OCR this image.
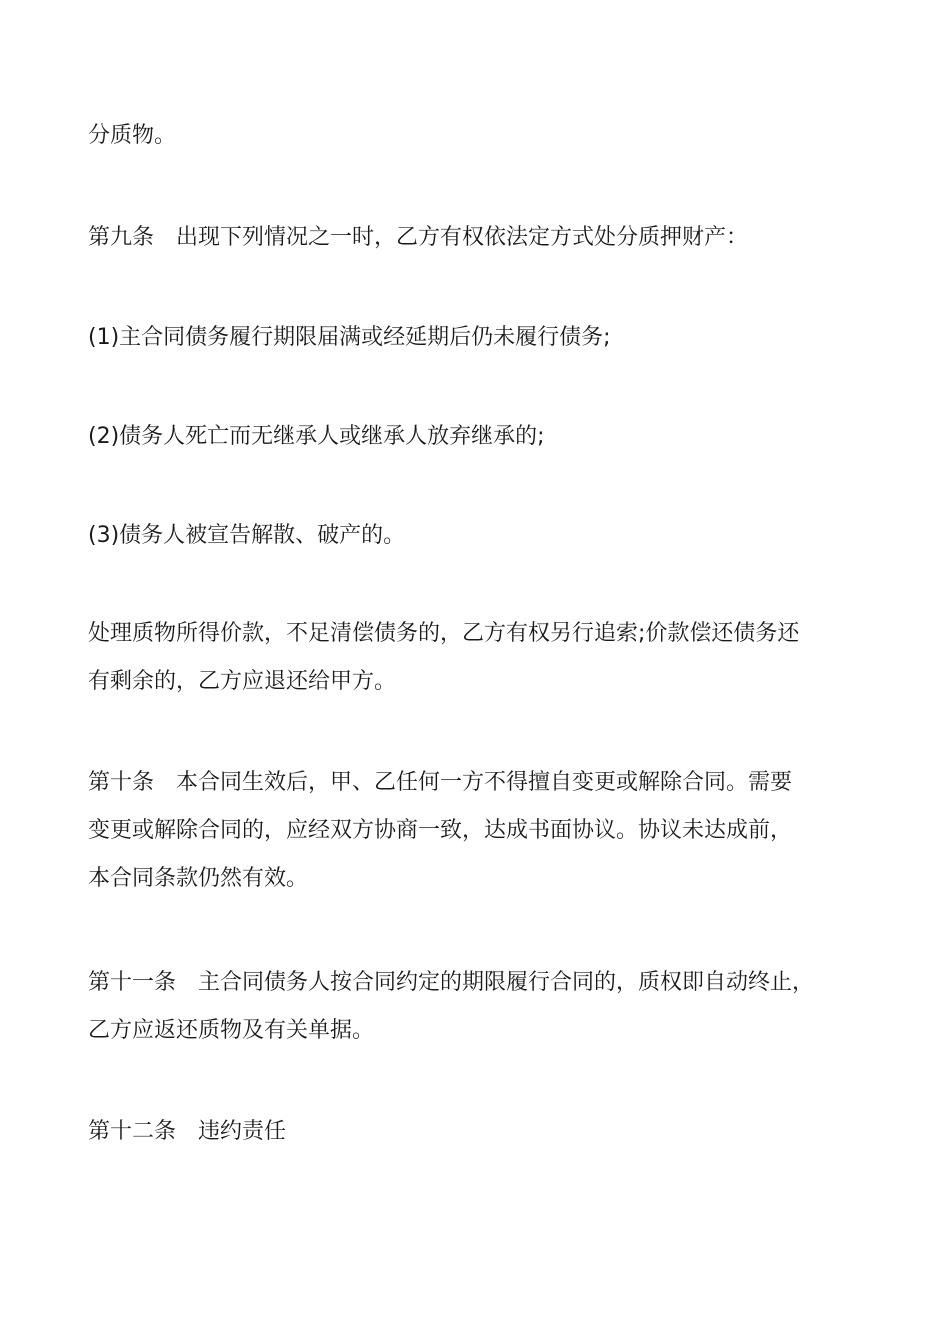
分质物。

第九条　出现下列情况之一时，乙方有权依法定方式处分质押财产：

(1)主合同债务履行期限届满或经延期后仍未履行债务;

(2)债务人死亡而无继承人或继承人放弃继承的;

(3)债务人被宣告解散、破产的。

处理质物所得价款，不足清偿债务的，乙方有权另行追索;价款偿还债务还
有剩余的，乙方应退还给甲方。

第十条　本合同生效后，甲、乙任何一方不得擅自变更或解除合同。需要
变更或解除合同的，应经双方协商一致，达成书面协议。协议未达成前，
本合同条款仍然有效。

第十一条　主合同债务人按合同约定的期限履行合同的，质权即自动终止，
乙方应返还质物及有关单据。

第十二条　违约责任
